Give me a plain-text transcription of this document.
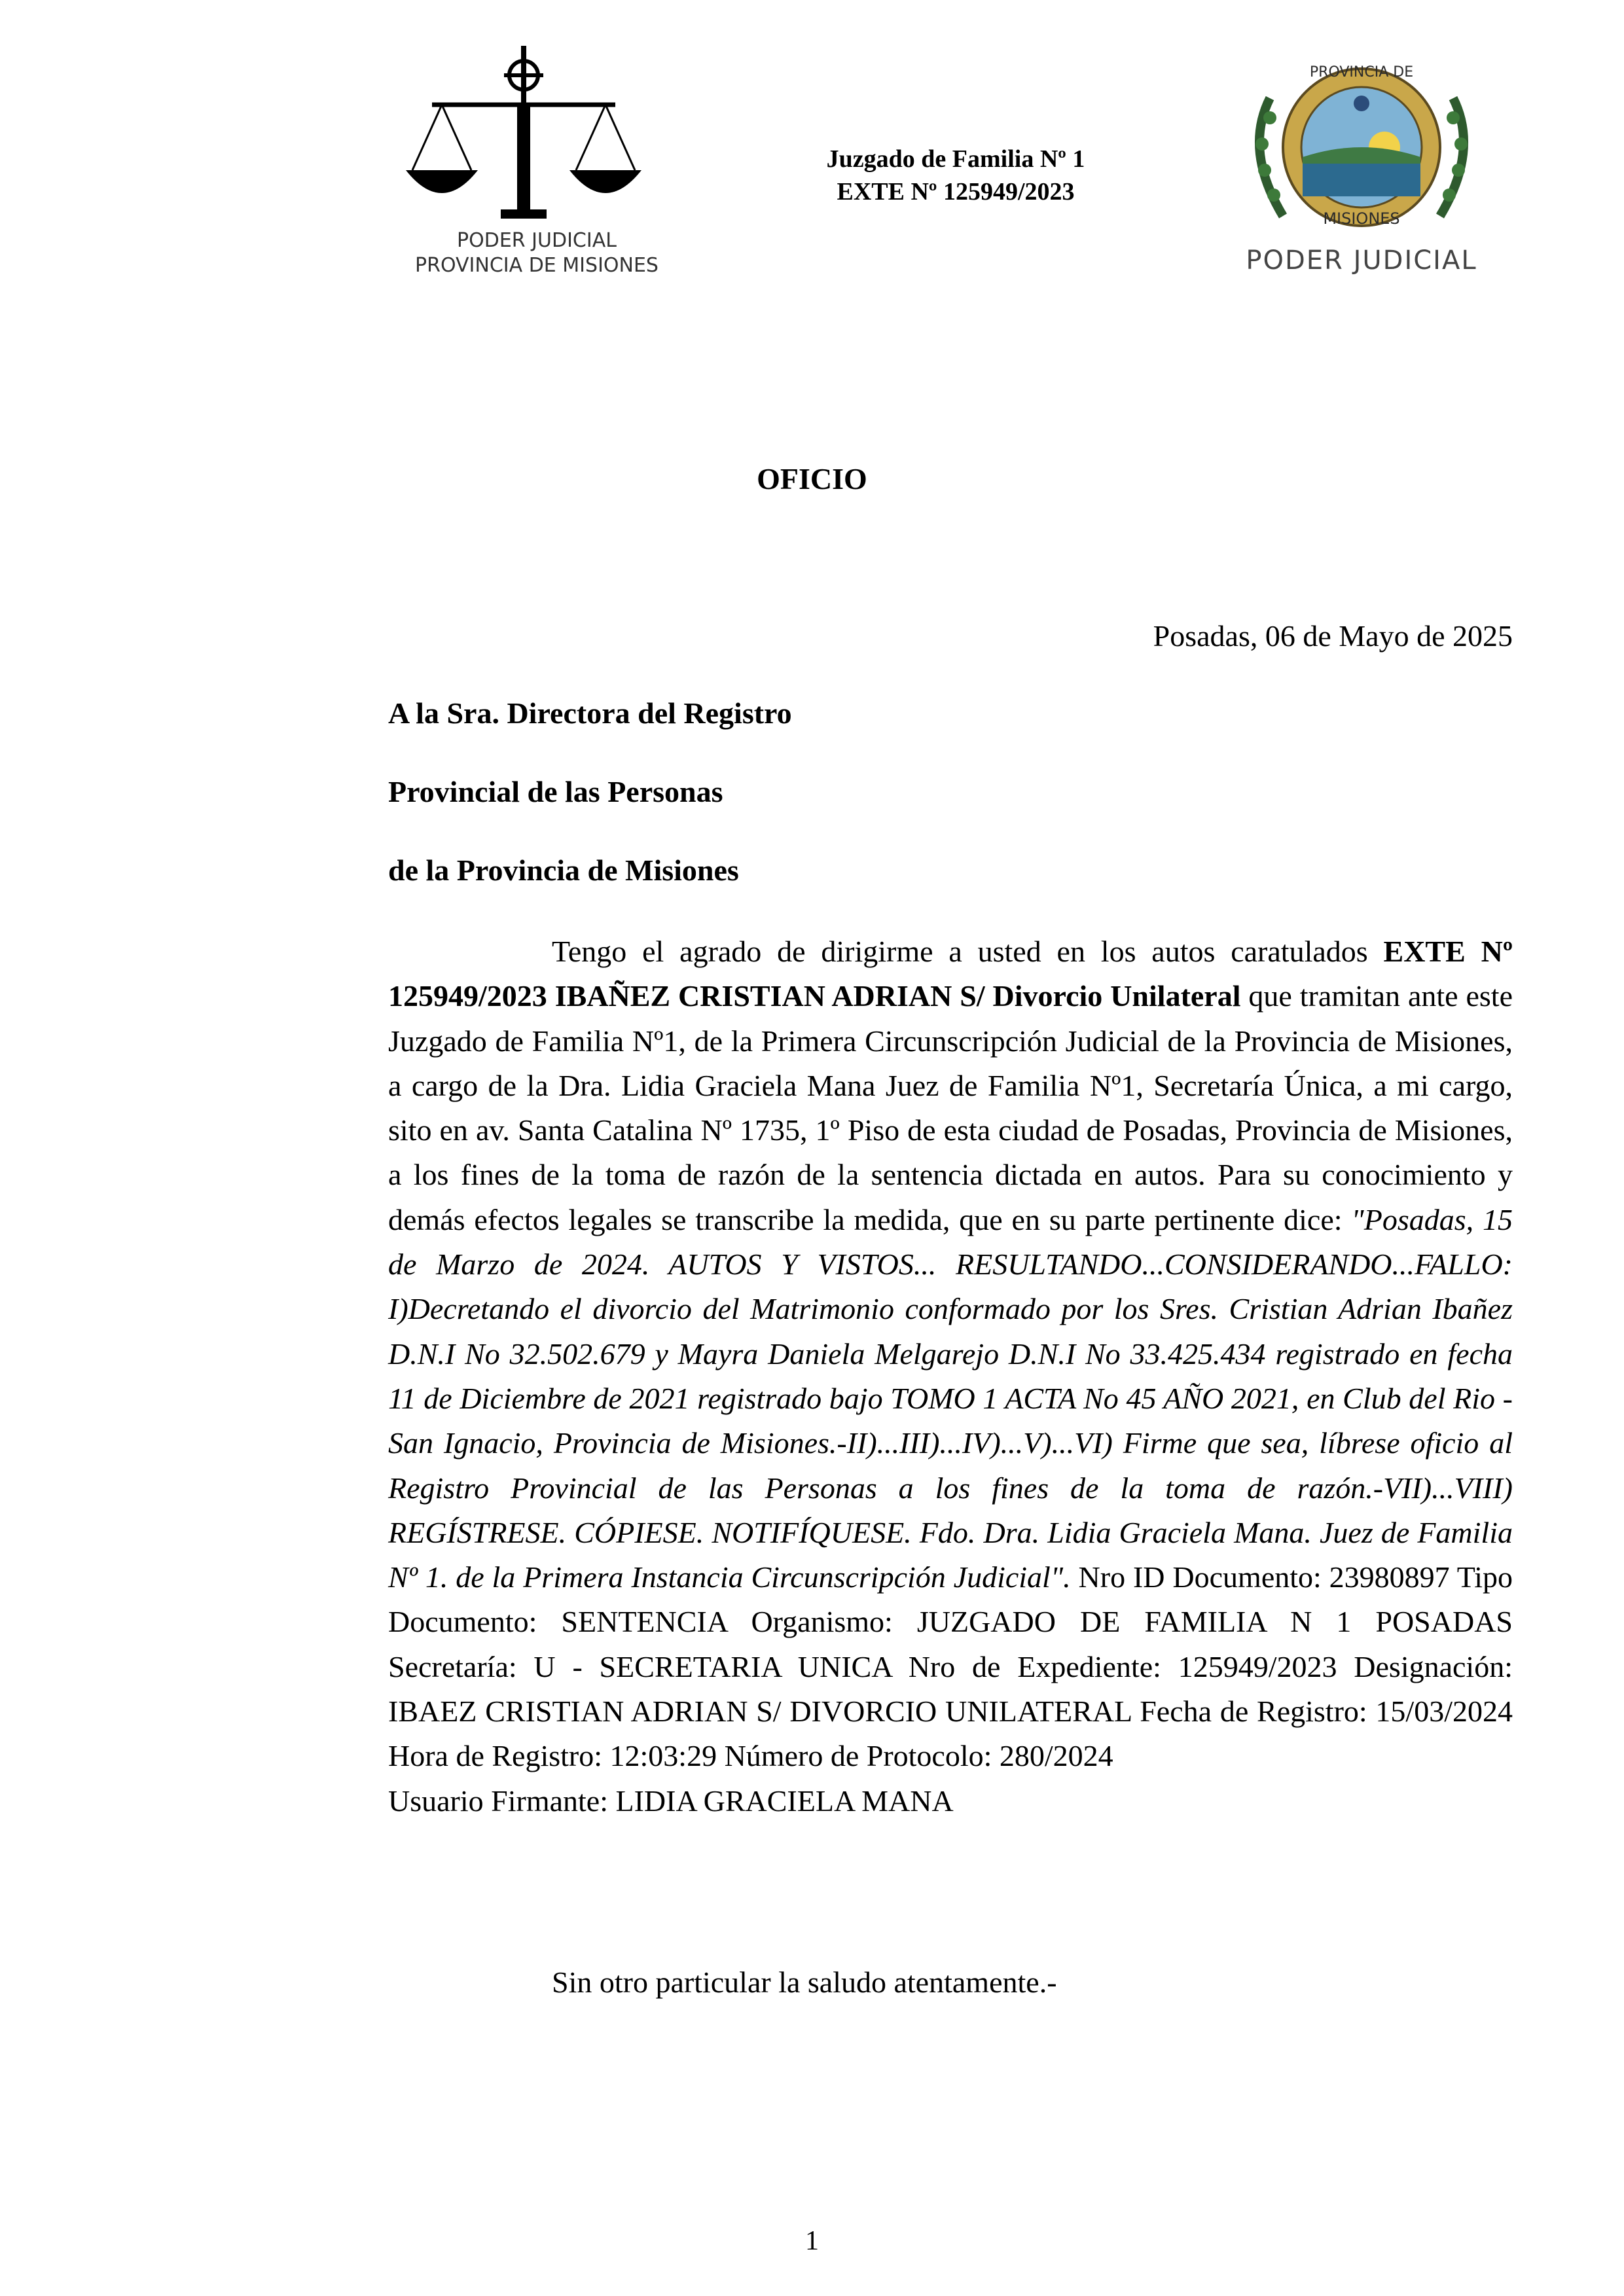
PODER JUDICIAL
PROVINCIA DE MISIONES
Juzgado de Familia Nº 1
EXTE Nº 125949/2023
PROVINCIA DE
MISIONES
PODER JUDICIAL
OFICIO
Posadas, 06 de Mayo de 2025
A la Sra. Directora del Registro
Provincial de las Personas
de la Provincia de Misiones
Tengo el agrado de dirigirme a usted en los autos caratulados EXTE Nº 125949/2023 IBAÑEZ CRISTIAN ADRIAN S/ Divorcio Unilateral que tramitan ante este Juzgado de Familia Nº1, de la Primera Circunscripción Judicial de la Provincia de Misiones, a cargo de la Dra. Lidia Graciela Mana Juez de Familia Nº1, Secretaría Única, a mi cargo, sito en av. Santa Catalina Nº 1735, 1º Piso de esta ciudad de Posadas, Provincia de Misiones, a los fines de la toma de razón de la sentencia dictada en autos. Para su conocimiento y demás efectos legales se transcribe la medida, que en su parte pertinente dice: "Posadas, 15 de Marzo de 2024. AUTOS Y VISTOS... RESULTANDO...CONSIDERANDO...FALLO: I)Decretando el divorcio del Matrimonio conformado por los Sres. Cristian Adrian Ibañez D.N.I No 32.502.679 y Mayra Daniela Melgarejo D.N.I No 33.425.434 registrado en fecha 11 de Diciembre de 2021 registrado bajo TOMO 1 ACTA No 45 AÑO 2021, en Club del Rio - San Ignacio, Provincia de Misiones.-II)...III)...IV)...V)...VI) Firme que sea, líbrese oficio al Registro Provincial de las Personas a los fines de la toma de razón.-VII)...VIII) REGÍSTRESE. CÓPIESE. NOTIFÍQUESE. Fdo. Dra. Lidia Graciela Mana. Juez de Familia Nº 1. de la Primera Instancia Circunscripción Judicial". Nro ID Documento: 23980897 Tipo Documento: SENTENCIA Organismo: JUZGADO DE FAMILIA N 1 POSADAS Secretaría: U - SECRETARIA UNICA Nro de Expediente: 125949/2023 Designación: IBAEZ CRISTIAN ADRIAN S/ DIVORCIO UNILATERAL Fecha de Registro: 15/03/2024 Hora de Registro: 12:03:29 Número de Protocolo: 280/2024
Usuario Firmante: LIDIA GRACIELA MANA
Sin otro particular la saludo atentamente.-
1
